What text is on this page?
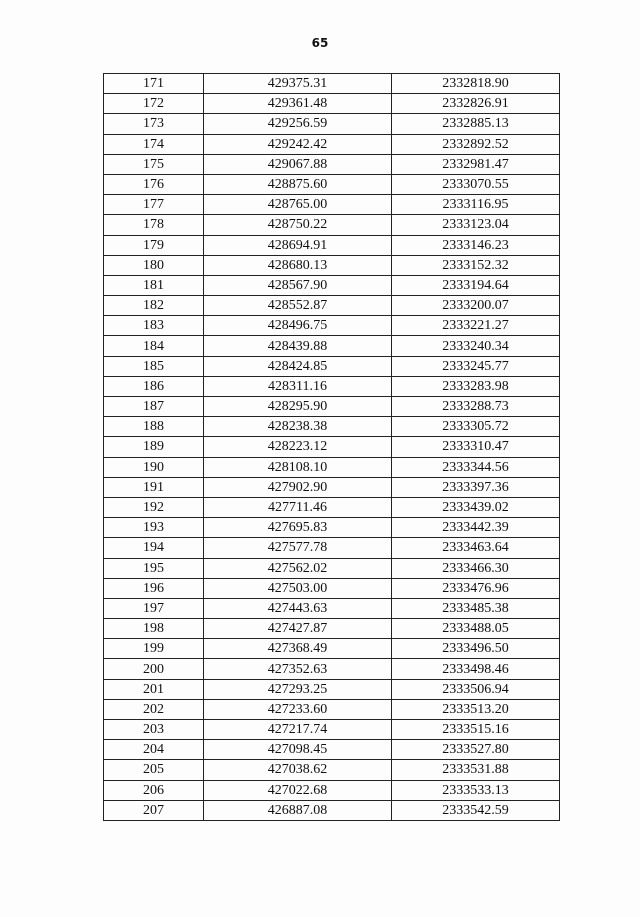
65
171	429375.31	2332818.90
172	429361.48	2332826.91
173	429256.59	2332885.13
174	429242.42	2332892.52
175	429067.88	2332981.47
176	428875.60	2333070.55
177	428765.00	2333116.95
178	428750.22	2333123.04
179	428694.91	2333146.23
180	428680.13	2333152.32
181	428567.90	2333194.64
182	428552.87	2333200.07
183	428496.75	2333221.27
184	428439.88	2333240.34
185	428424.85	2333245.77
186	428311.16	2333283.98
187	428295.90	2333288.73
188	428238.38	2333305.72
189	428223.12	2333310.47
190	428108.10	2333344.56
191	427902.90	2333397.36
192	427711.46	2333439.02
193	427695.83	2333442.39
194	427577.78	2333463.64
195	427562.02	2333466.30
196	427503.00	2333476.96
197	427443.63	2333485.38
198	427427.87	2333488.05
199	427368.49	2333496.50
200	427352.63	2333498.46
201	427293.25	2333506.94
202	427233.60	2333513.20
203	427217.74	2333515.16
204	427098.45	2333527.80
205	427038.62	2333531.88
206	427022.68	2333533.13
207	426887.08	2333542.59
